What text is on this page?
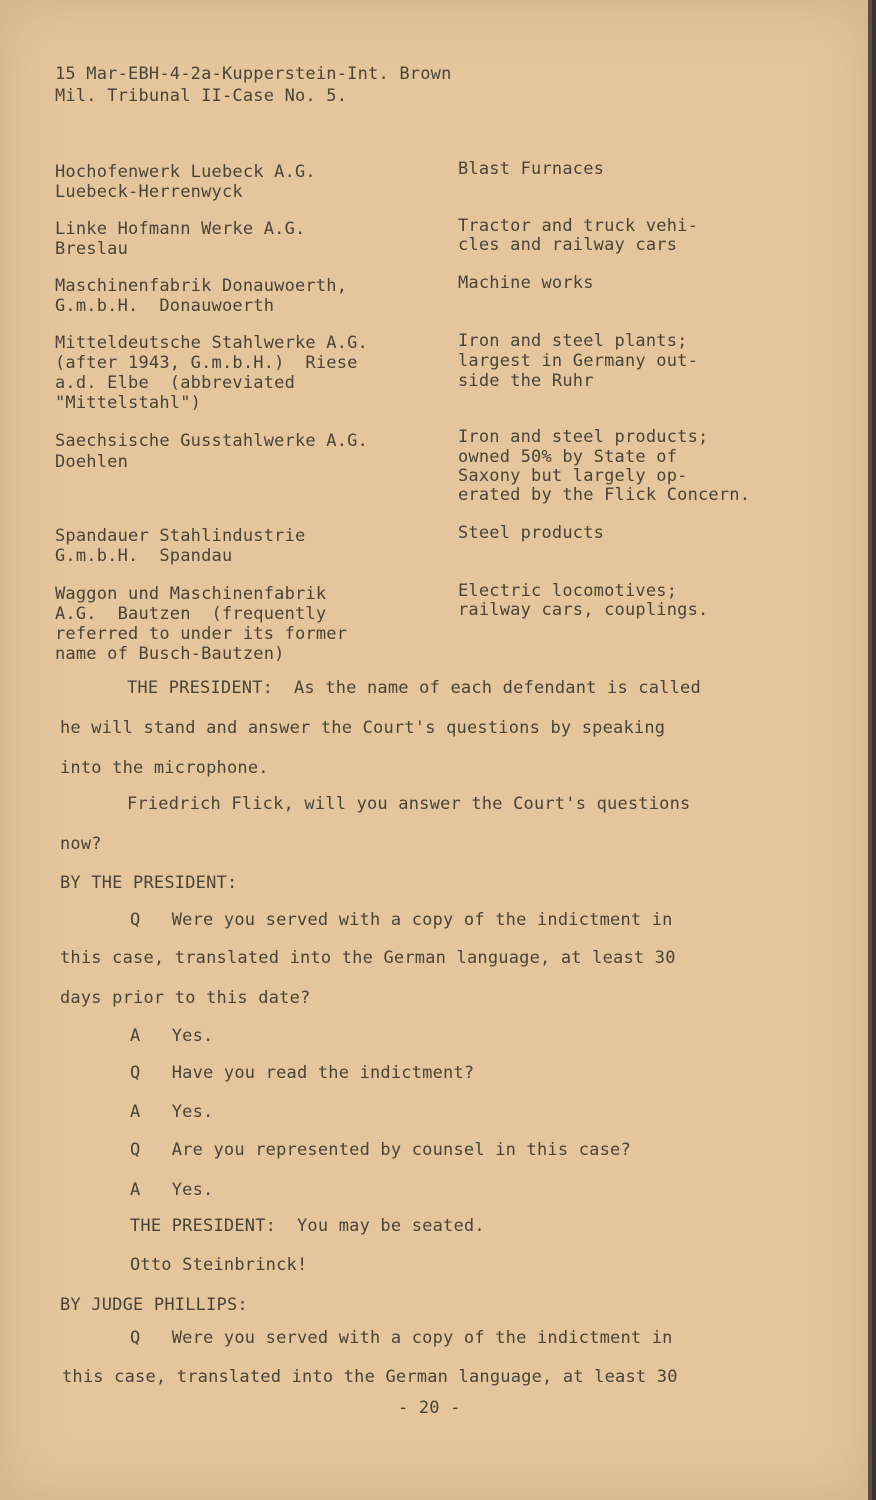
15 Mar-EBH-4-2a-Kupperstein-Int. Brown
Mil. Tribunal II-Case No. 5.
Hochofenwerk Luebeck A.G.
Luebeck-Herrenwyck
Blast Furnaces
Linke Hofmann Werke A.G.
Breslau
Tractor and truck vehi-
cles and railway cars
Maschinenfabrik Donauwoerth,
G.m.b.H.  Donauwoerth
Machine works
Mitteldeutsche Stahlwerke A.G.
(after 1943, G.m.b.H.)  Riese
a.d. Elbe  (abbreviated
"Mittelstahl")
Iron and steel plants;
largest in Germany out-
side the Ruhr
Saechsische Gusstahlwerke A.G.
Doehlen
Iron and steel products;
owned 50% by State of
Saxony but largely op-
erated by the Flick Concern.
Spandauer Stahlindustrie
G.m.b.H.  Spandau
Steel products
Waggon und Maschinenfabrik
A.G.  Bautzen  (frequently
referred to under its former
name of Busch-Bautzen)
Electric locomotives;
railway cars, couplings.
THE PRESIDENT:  As the name of each defendant is called
he will stand and answer the Court's questions by speaking
into the microphone.
Friedrich Flick, will you answer the Court's questions
now?
BY THE PRESIDENT:
Q   Were you served with a copy of the indictment in
this case, translated into the German language, at least 30
days prior to this date?
A   Yes.
Q   Have you read the indictment?
A   Yes.
Q   Are you represented by counsel in this case?
A   Yes.
THE PRESIDENT:  You may be seated.
Otto Steinbrinck!
BY JUDGE PHILLIPS:
Q   Were you served with a copy of the indictment in
this case, translated into the German language, at least 30
- 20 -
